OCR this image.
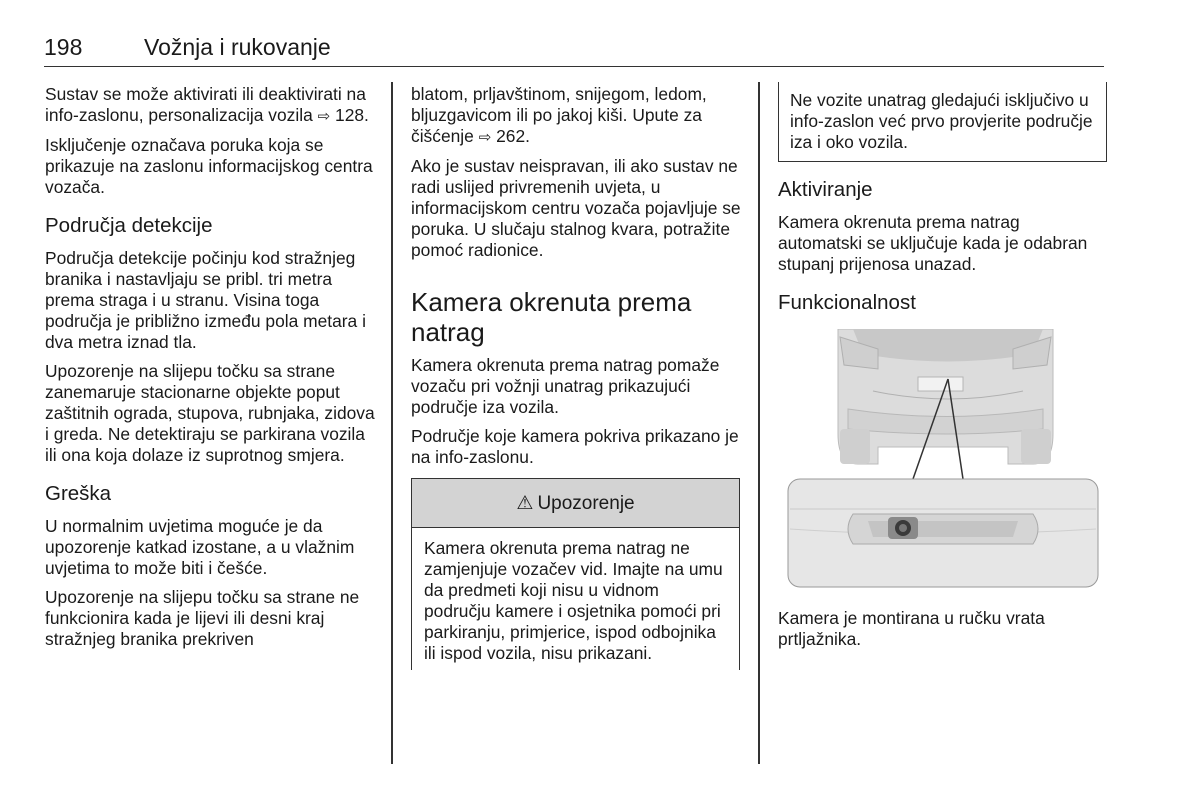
198	Vožnja i rukovanje

Sustav se može aktivirati ili deaktivirati na info-zaslonu, personalizacija vozila ⇨ 128.

Isključenje označava poruka koja se prikazuje na zaslonu informacijskog centra vozača.

Područja detekcije

Područja detekcije počinju kod stražnjeg branika i nastavljaju se pribl. tri metra prema straga i u stranu. Visina toga područja je približno između pola metara i dva metra iznad tla.

Upozorenje na slijepu točku sa strane zanemaruje stacionarne objekte poput zaštitnih ograda, stupova, rubnjaka, zidova i greda. Ne detektiraju se parkirana vozila ili ona koja dolaze iz suprotnog smjera.

Greška

U normalnim uvjetima moguće je da upozorenje katkad izostane, a u vlažnim uvjetima to može biti i češće.

Upozorenje na slijepu točku sa strane ne funkcionira kada je lijevi ili desni kraj stražnjeg branika prekriven

blatom, prljavštinom, snijegom, ledom, bljuzgavicom ili po jakoj kiši. Upute za čišćenje ⇨ 262.

Ako je sustav neispravan, ili ako sustav ne radi uslijed privremenih uvjeta, u informacijskom centru vozača pojavljuje se poruka. U slučaju stalnog kvara, potražite pomoć radionice.

Kamera okrenuta prema natrag

Kamera okrenuta prema natrag pomaže vozaču pri vožnji unatrag prikazujući područje iza vozila.

Područje koje kamera pokriva prikazano je na info-zaslonu.

⚠ Upozorenje
Kamera okrenuta prema natrag ne zamjenjuje vozačev vid. Imajte na umu da predmeti koji nisu u vidnom području kamere i osjetnika pomoći pri parkiranju, primjerice, ispod odbojnika ili ispod vozila, nisu prikazani.
Ne vozite unatrag gledajući isključivo u info-zaslon već prvo provjerite područje iza i oko vozila.
Aktiviranje

Kamera okrenuta prema natrag automatski se uključuje kada je odabran stupanj prijenosa unazad.

Funkcionalnost

Kamera je montirana u ručku vrata prtljažnika.
